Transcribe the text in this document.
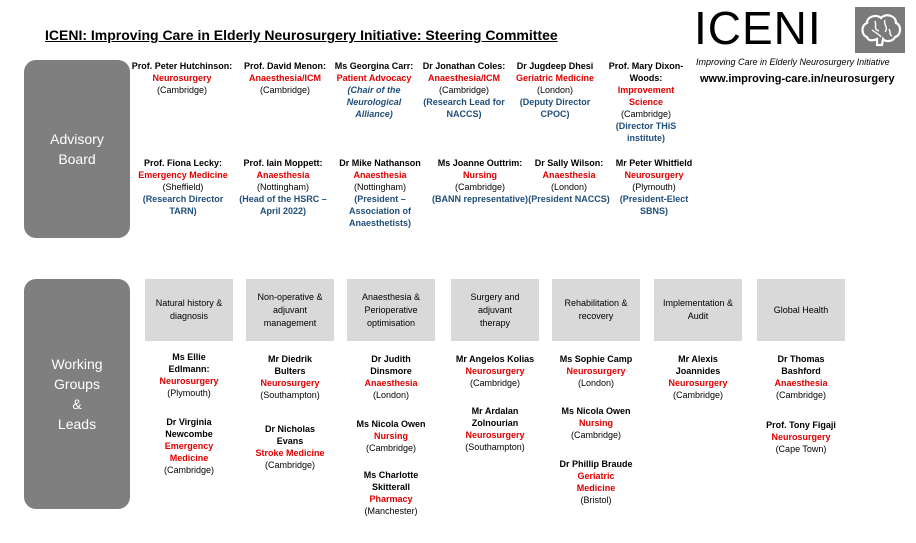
ICENI: Improving Care in Elderly Neurosurgery Initiative: Steering Committee	ICENI
Improving Care in Elderly Neurosurgery Initiative
www.improving-care.in/neurosurgery
Advisory
Board
Prof. Peter Hutchinson:
Neurosurgery
(Cambridge)
Prof. David Menon:
Anaesthesia/ICM
(Cambridge)
Ms Georgina Carr:
Patient Advocacy
(Chair of the Neurological Alliance)
Dr Jonathan Coles:
Anaesthesia/ICM
(Cambridge)
(Research Lead for NACCS)
Dr Jugdeep Dhesi
Geriatric Medicine
(London)
(Deputy Director CPOC)
Prof. Mary Dixon-Woods:
Improvement Science
(Cambridge)
(Director THiS institute)
Prof. Fiona Lecky:
Emergency Medicine
(Sheffield)
(Research Director TARN)
Prof. Iain Moppett:
Anaesthesia
(Nottingham)
(Head of the HSRC – April 2022)
Dr Mike Nathanson
Anaesthesia
(Nottingham)
(President – Association of Anaesthetists)
Ms Joanne Outtrim:
Nursing
(Cambridge)
(BANN representative)
Dr Sally Wilson:
Anaesthesia
(London)
(President NACCS)
Mr Peter Whitfield
Neurosurgery
(Plymouth)
(President-Elect SBNS)
Working
Groups
&
Leads
Natural history & diagnosis
Non-operative & adjuvant management
Anaesthesia & Perioperative optimisation
Surgery and adjuvant therapy
Rehabilitation & recovery
Implementation & Audit
Global Health
Ms Ellie Edlmann:
Neurosurgery
(Plymouth)
Dr Virginia Newcombe
Emergency Medicine
(Cambridge)
Mr Diedrik Bulters
Neurosurgery
(Southampton)
Dr Nicholas Evans
Stroke Medicine
(Cambridge)
Dr Judith Dinsmore
Anaesthesia
(London)
Ms Nicola Owen
Nursing
(Cambridge)
Ms Charlotte Skitterall
Pharmacy
(Manchester)
Mr Angelos Kolias
Neurosurgery
(Cambridge)
Mr Ardalan Zolnourian
Neurosurgery
(Southampton)
Ms Sophie Camp
Neurosurgery
(London)
Ms Nicola Owen
Nursing
(Cambridge)
Dr Phillip Braude
Geriatric Medicine
(Bristol)
Mr Alexis Joannides
Neurosurgery
(Cambridge)
Dr Thomas Bashford
Anaesthesia
(Cambridge)
Prof. Tony Figaji
Neurosurgery
(Cape Town)
